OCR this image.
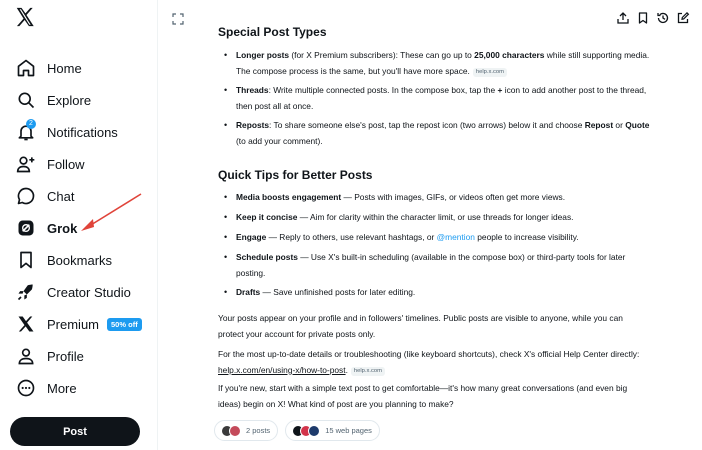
Home
Explore
2
Notifications
Follow
Chat
Grok
Bookmarks
Creator Studio
Premium	50% off
Profile
More
Post
Special Post Types
• Longer posts (for X Premium subscribers): These can go up to 25,000 characters while still supporting media. The compose process is the same, but you'll have more space. help.x.com
• Threads: Write multiple connected posts. In the compose box, tap the + icon to add another post to the thread, then post all at once.
• Reposts: To share someone else's post, tap the repost icon (two arrows) below it and choose Repost or Quote (to add your comment).
Quick Tips for Better Posts
• Media boosts engagement — Posts with images, GIFs, or videos often get more views.
• Keep it concise — Aim for clarity within the character limit, or use threads for longer ideas.
• Engage — Reply to others, use relevant hashtags, or @mention people to increase visibility.
• Schedule posts — Use X's built-in scheduling (available in the compose box) or third-party tools for later posting.
• Drafts — Save unfinished posts for later editing.
Your posts appear on your profile and in followers' timelines. Public posts are visible to anyone, while you can protect your account for private posts only.
For the most up-to-date details or troubleshooting (like keyboard shortcuts), check X's official Help Center directly: help.x.com/en/using-x/how-to-post. help.x.com
If you're new, start with a simple text post to get comfortable—it's how many great conversations (and even big ideas) begin on X! What kind of post are you planning to make?
2 posts	15 web pages
